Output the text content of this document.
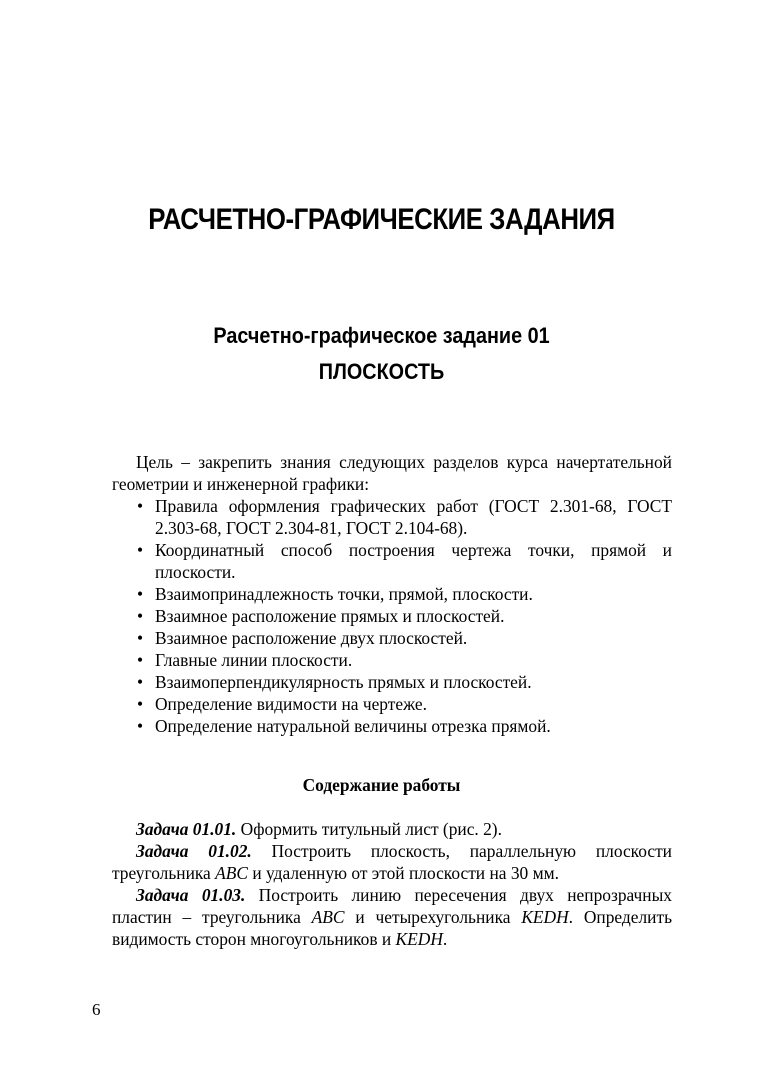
РАСЧЕТНО-ГРАФИЧЕСКИЕ ЗАДАНИЯ
Расчетно-графическое задание 01
ПЛОСКОСТЬ
Цель – закрепить знания следующих разделов курса начертательной геометрии и инженерной графики:
• Правила оформления графических работ (ГОСТ 2.301-68, ГОСТ 2.303-68, ГОСТ 2.304-81, ГОСТ 2.104-68).
• Координатный способ построения чертежа точки, прямой и плоскости.
• Взаимопринадлежность точки, прямой, плоскости.
• Взаимное расположение прямых и плоскостей.
• Взаимное расположение двух плоскостей.
• Главные линии плоскости.
• Взаимоперпендикулярность прямых и плоскостей.
• Определение видимости на чертеже.
• Определение натуральной величины отрезка прямой.
Содержание работы

Задача 01.01. Оформить титульный лист (рис. 2).

Задача 01.02. Построить плоскость, параллельную плоскости треугольника ABC и удаленную от этой плоскости на 30 мм.

Задача 01.03. Построить линию пересечения двух непрозрачных пластин – треугольника ABC и четырехугольника KEDH. Определить видимость сторон многоугольников и KEDH.

6
